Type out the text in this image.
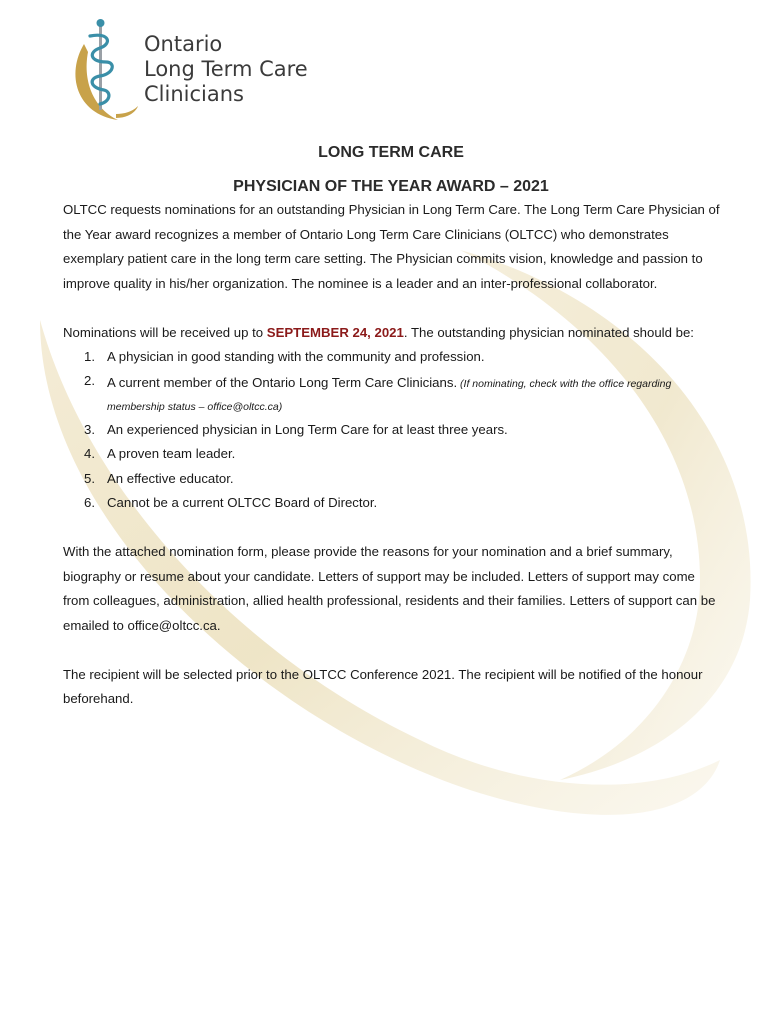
Ontario
Long Term Care
Clinicians
LONG TERM CARE
PHYSICIAN OF THE YEAR AWARD – 2021

OLTCC requests nominations for an outstanding Physician in Long Term Care. The Long Term Care Physician of the Year award recognizes a member of Ontario Long Term Care Clinicians (OLTCC) who demonstrates exemplary patient care in the long term care setting. The Physician commits vision, knowledge and passion to improve quality in his/her organization. The nominee is a leader and an inter-professional collaborator.

Nominations will be received up to SEPTEMBER 24, 2021. The outstanding physician nominated should be:

1. A physician in good standing with the community and profession.
2. A current member of the Ontario Long Term Care Clinicians. (If nominating, check with the office regarding membership status – office@oltcc.ca)
3. An experienced physician in Long Term Care for at least three years.
4. A proven team leader.
5. An effective educator.
6. Cannot be a current OLTCC Board of Director.

With the attached nomination form, please provide the reasons for your nomination and a brief summary, biography or resume about your candidate. Letters of support may be included. Letters of support may come from colleagues, administration, allied health professional, residents and their families. Letters of support can be emailed to office@oltcc.ca.

The recipient will be selected prior to the OLTCC Conference 2021. The recipient will be notified of the honour beforehand.
